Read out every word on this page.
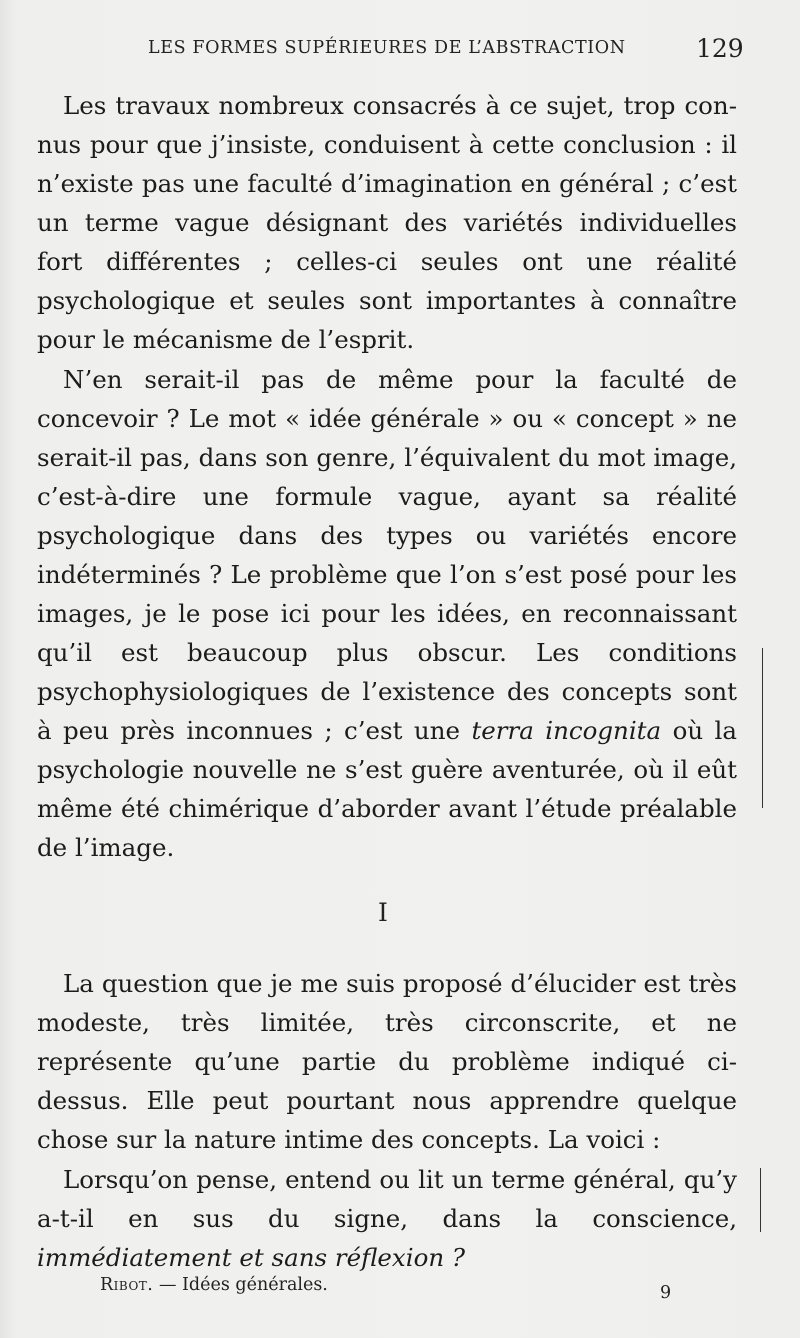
LES FORMES SUPÉRIEURES DE L’ABSTRACTION	129

Les travaux nombreux consacrés à ce sujet, trop connus pour que j’insiste, conduisent à cette conclusion : il n’existe pas une faculté d’imagination en général ; c’est un terme vague désignant des variétés individuelles fort différentes ; celles-ci seules ont une réalité psychologique et seules sont importantes à connaître pour le mécanisme de l’esprit.

N’en serait-il pas de même pour la faculté de concevoir ? Le mot « idée générale » ou « concept » ne serait-il pas, dans son genre, l’équivalent du mot image, c’est-à-dire une formule vague, ayant sa réalité psychologique dans des types ou variétés encore indéterminés ? Le problème que l’on s’est posé pour les images, je le pose ici pour les idées, en reconnaissant qu’il est beaucoup plus obscur. Les conditions psychophysiologiques de l’existence des concepts sont à peu près inconnues ; c’est une terra incognita où la psychologie nouvelle ne s’est guère aventurée, où il eût même été chimérique d’aborder avant l’étude préalable de l’image.

I

La question que je me suis proposé d’élucider est très modeste, très limitée, très circonscrite, et ne représente qu’une partie du problème indiqué ci-dessus. Elle peut pourtant nous apprendre quelque chose sur la nature intime des concepts. La voici :

Lorsqu’on pense, entend ou lit un terme général, qu’y a-t-il en sus du signe, dans la conscience, immédiatement et sans réflexion ?

Ribot. — Idées générales.	9
